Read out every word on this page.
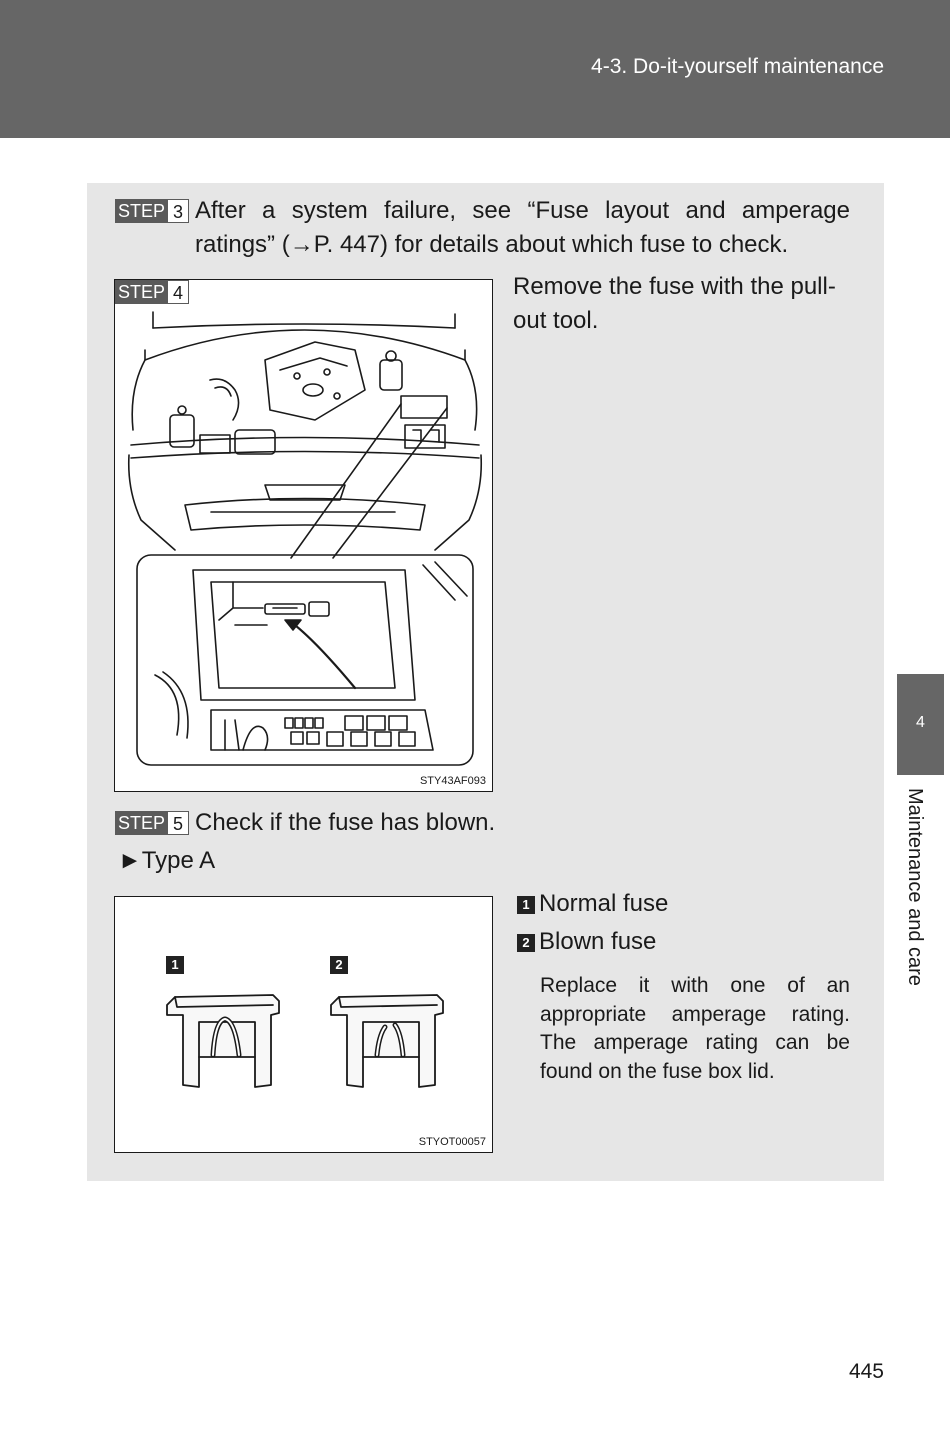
4-3. Do-it-yourself maintenance
4
Maintenance and care
STEP 3 After a system failure, see “Fuse layout and amperage ratings” (→P. 447) for details about which fuse to check.
STEP 4
STY43AF093
Remove the fuse with the pull-out tool.
STEP 5 Check if the fuse has blown.
►Type A
1	2
STYOT00057
1 Normal fuse
2 Blown fuse
Replace it with one of an appropriate amperage rating. The amperage rating can be found on the fuse box lid.
445
